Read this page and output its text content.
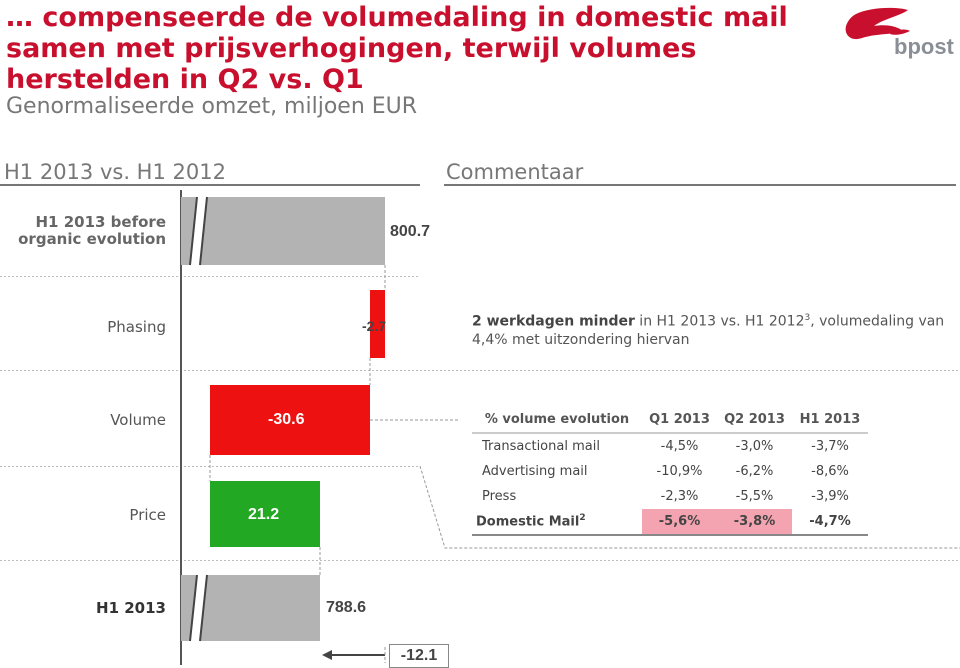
… compenseerde de volumedaling in domestic mail
samen met prijsverhogingen, terwijl volumes
herstelden in Q2 vs. Q1
Genormaliseerde omzet, miljoen EUR
bpost
H1 2013 vs. H1 2012	Commentaar
H1 2013 before organic evolution
Phasing
Volume
Price
H1 2013
800.7
-2.7
-30.6
21.2
788.6
-12.1
2 werkdagen minder in H1 2013 vs. H1 2012$^3$, volumedaling van 4,4% met uitzondering hiervan
% volume evolution	Q1 2013	Q2 2013	H1 2013
Transactional mail	-4,5%	-3,0%	-3,7%
Advertising mail	-10,9%	-6,2%	-8,6%
Press	-2,3%	-5,5%	-3,9%
Domestic Mail$^2$	-5,6%	-3,8%	-4,7%
